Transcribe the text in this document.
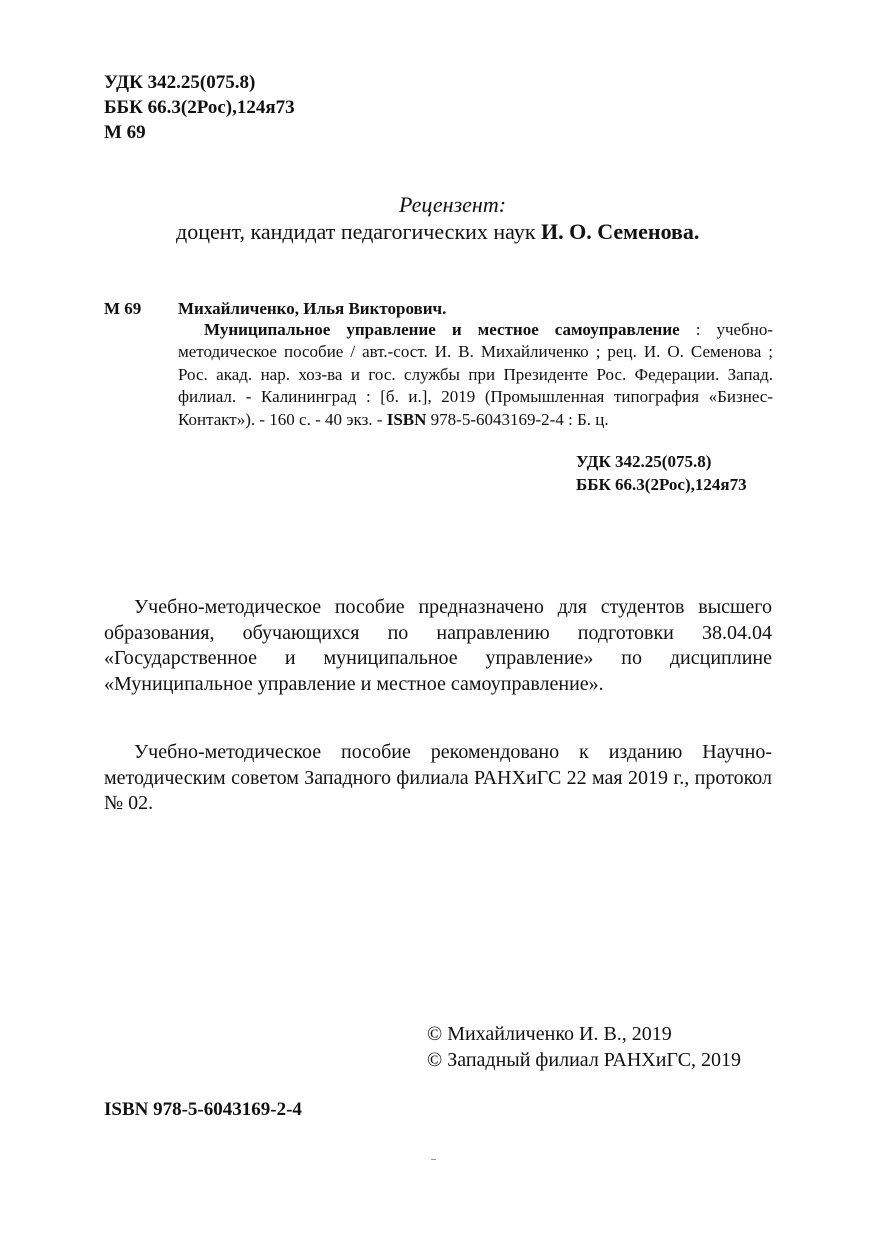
УДК 342.25(075.8)
ББК 66.3(2Рос),124я73
М 69
Рецензент:
доцент, кандидат педагогических наук И. О. Семенова.
М 69 Михайличенко, Илья Викторович.

Муниципальное управление и местное самоуправление : учебно-методическое пособие / авт.-сост. И. В. Михайличенко ; рец. И. О. Семенова ; Рос. акад. нар. хоз-ва и гос. службы при Президенте Рос. Федерации. Запад. филиал. - Калининград : [б. и.], 2019 (Промышленная типография «Бизнес-Контакт»). - 160 с. - 40 экз. - ISBN 978-5-6043169-2-4 : Б. ц.

УДК 342.25(075.8)
ББК 66.3(2Рос),124я73

Учебно-методическое пособие предназначено для студентов высшего образования, обучающихся по направлению подготовки 38.04.04 «Государственное и муниципальное управление» по дисциплине «Муниципальное управление и местное самоуправление».

Учебно-методическое пособие рекомендовано к изданию Научно-методическим советом Западного филиала РАНХиГС 22 мая 2019 г., протокол № 02.

© Михайличенко И. В., 2019
© Западный филиал РАНХиГС, 2019
ISBN 978-5-6043169-2-4
